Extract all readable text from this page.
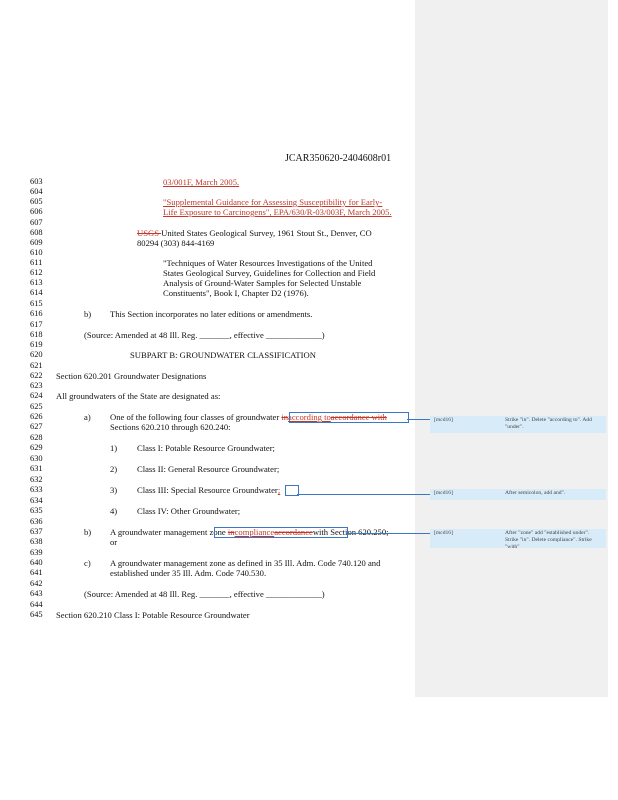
JCAR350620-2404608r01
603
604
605
606
607
608
609
610
611
612
613
614
615
616
617
618
619
620
621
622
623
624
625
626
627
628
629
630
631
632
633
634
635
636
637
638
639
640
641
642
643
644
645
03/001F, March 2005.
"Supplemental Guidance for Assessing Susceptibility for Early-
Life Exposure to Carcinogens", EPA/630/R-03/003F, March 2005.
USGS United States Geological Survey, 1961 Stout St., Denver, CO
80294 (303) 844-4169
"Techniques of Water Resources Investigations of the United
States Geological Survey, Guidelines for Collection and Field
Analysis of Ground-Water Samples for Selected Unstable
Constituents", Book I, Chapter D2 (1976).
b) This Section incorporates no later editions or amendments.
(Source: Amended at 48 Ill. Reg. _______, effective _____________)
SUBPART B: GROUNDWATER CLASSIFICATION
Section 620.201 Groundwater Designations
All groundwaters of the State are designated as:
a) One of the following four classes of groundwater inaccording toaccordance with
Sections 620.210 through 620.240:
1) Class I: Potable Resource Groundwater;
2) Class II: General Resource Groundwater;
3) Class III: Special Resource Groundwater;
4) Class IV: Other Groundwater;
b) A groundwater management zone incomplianceaccordancewith Section 620.250;
or
c) A groundwater management zone as defined in 35 Ill. Adm. Code 740.120 and
established under 35 Ill. Adm. Code 740.530.
(Source: Amended at 48 Ill. Reg. _______, effective _____________)
Section 620.210 Class I: Potable Resource Groundwater
[mcd16]	Strike "in". Delete "according to". Add "under".
[mcd16]	After semicolon, add and".
[mcd16]	After "zone" add "established under". Strike "in". Delete compliance". Strike "with"
